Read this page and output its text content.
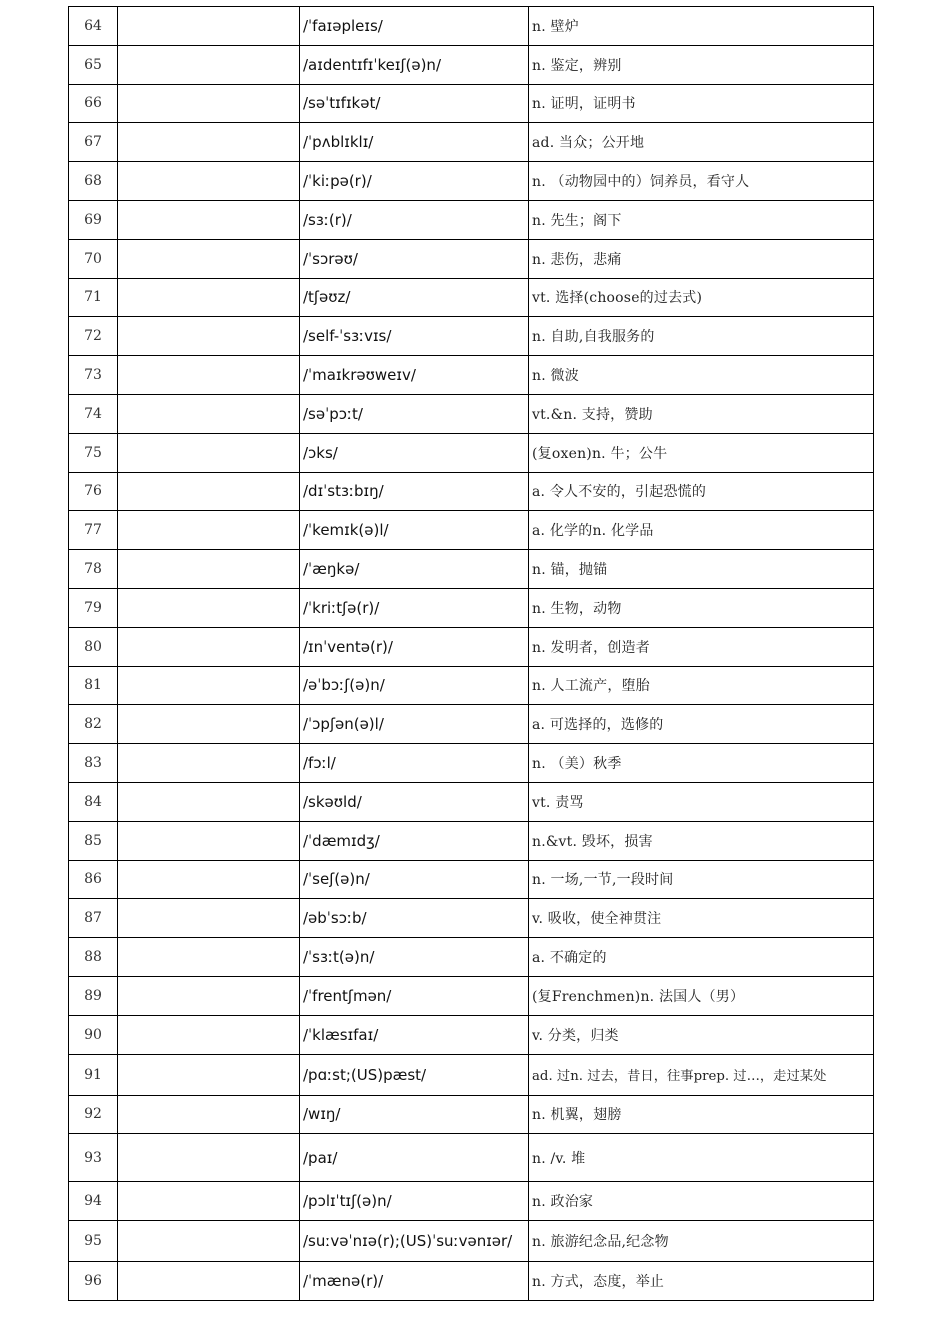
64		/ˈfaɪəpleɪs/	n. 壁炉
65		/aɪdentɪfɪˈkeɪʃ(ə)n/	n. 鉴定，辨别
66		/səˈtɪfɪkət/	n. 证明，证明书
67		/ˈpʌblɪklɪ/	ad. 当众；公开地
68		/ˈkiːpə(r)/	n. （动物园中的）饲养员，看守人
69		/sɜː(r)/	n. 先生；阁下
70		/ˈsɔrəʊ/	n. 悲伤，悲痛
71		/tʃəʊz/	vt. 选择(choose的过去式)
72		/self-ˈsɜːvɪs/	n. 自助,自我服务的
73		/ˈmaɪkrəʊweɪv/	n. 微波
74		/səˈpɔːt/	vt.&n. 支持，赞助
75		/ɔks/	(复oxen)n. 牛；公牛
76		/dɪˈstɜːbɪŋ/	a. 令人不安的，引起恐慌的
77		/ˈkemɪk(ə)l/	a. 化学的n. 化学品
78		/ˈæŋkə/	n. 锚，抛锚
79		/ˈkriːtʃə(r)/	n. 生物，动物
80		/ɪnˈventə(r)/	n. 发明者，创造者
81		/əˈbɔːʃ(ə)n/	n. 人工流产，堕胎
82		/ˈɔpʃən(ə)l/	a. 可选择的，选修的
83		/fɔːl/	n. （美）秋季
84		/skəʊld/	vt. 责骂
85		/ˈdæmɪdʒ/	n.&vt. 毁坏，损害
86		/ˈseʃ(ə)n/	n. 一场,一节,一段时间
87		/əbˈsɔːb/	v. 吸收，使全神贯注
88		/ˈsɜːt(ə)n/	a. 不确定的
89		/ˈfrentʃmən/	(复Frenchmen)n. 法国人（男）
90		/ˈklæsɪfaɪ/	v. 分类，归类
91		/pɑːst;(US)pæst/	ad. 过n. 过去，昔日，往事prep. 过…，走过某处
92		/wɪŋ/	n. 机翼，翅膀
93		/paɪ/	n. /v. 堆
94		/pɔlɪˈtɪʃ(ə)n/	n. 政治家
95		/suːvəˈnɪə(r);(US)ˈsuːvənɪər/	n. 旅游纪念品,纪念物
96		/ˈmænə(r)/	n. 方式，态度，举止
